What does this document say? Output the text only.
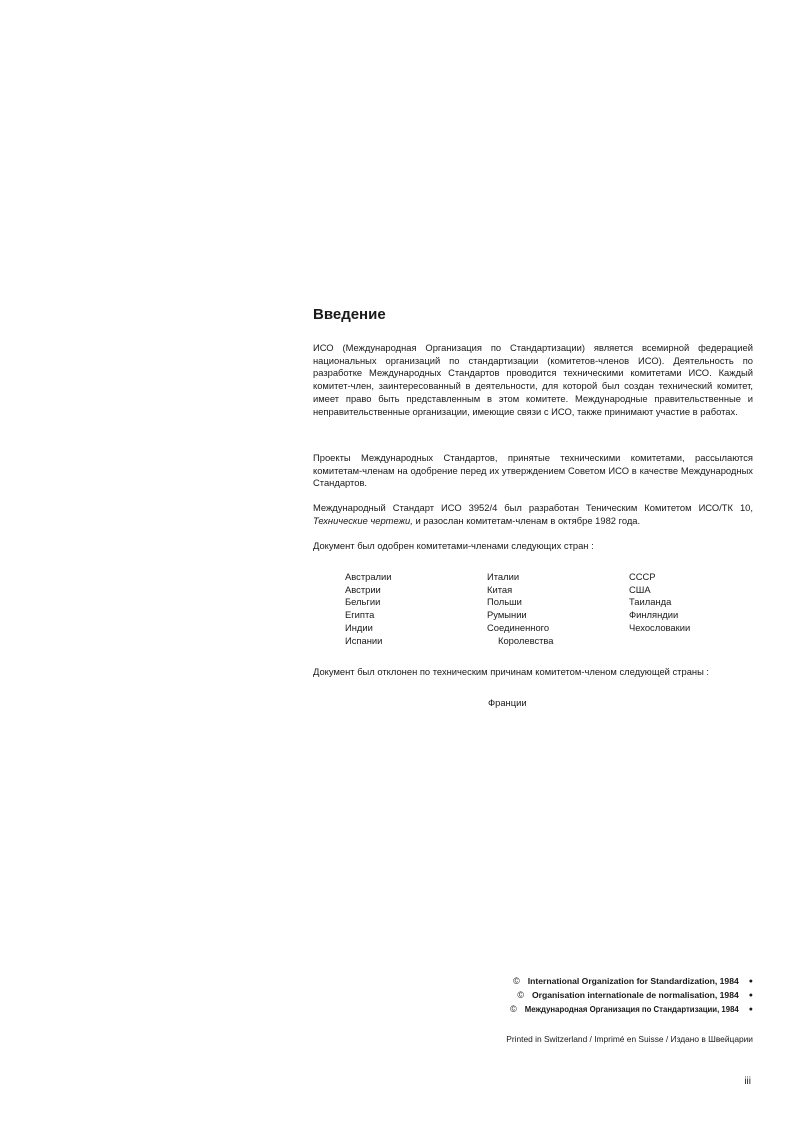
Введение

ИСО (Международная Организация по Стандартизации) является всемирной федерацией национальных организаций по стандартизации (комитетов-членов ИСО). Деятельность по разработке Международных Стандартов проводится техническими комитетами ИСО. Каждый комитет-член, заинтересованный в деятельности, для которой был создан технический комитет, имеет право быть представленным в этом комитете. Международные правительственные и неправительственные организации, имеющие связи с ИСО, также принимают участие в работах.

Проекты Международных Стандартов, принятые техническими комитетами, рассылаются комитетам-членам на одобрение перед их утверждением Советом ИСО в качестве Международных Стандартов.

Международный Стандарт ИСО 3952/4 был разработан Теническим Комитетом ИСО/ТК 10, Технические чертежи, и разослан комитетам-членам в октябре 1982 года.

Документ был одобрен комитетами-членами следующих стран :

Австралии
Австрии
Бельгии
Египта
Индии
Испании
Италии
Китая
Польши
Румынии
Соединенного
Королевства
СССР
США
Таиланда
Финляндии
Чехословакии

Документ был отклонен по техническим причинам комитетом-членом следующей страны :

Франции

© International Organization for Standardization, 1984 ●
© Organisation internationale de normalisation, 1984 ●
© Международная Организация по Стандартизации, 1984 ●
Printed in Switzerland / Imprimé en Suisse / Издано в Швейцарии
iii
